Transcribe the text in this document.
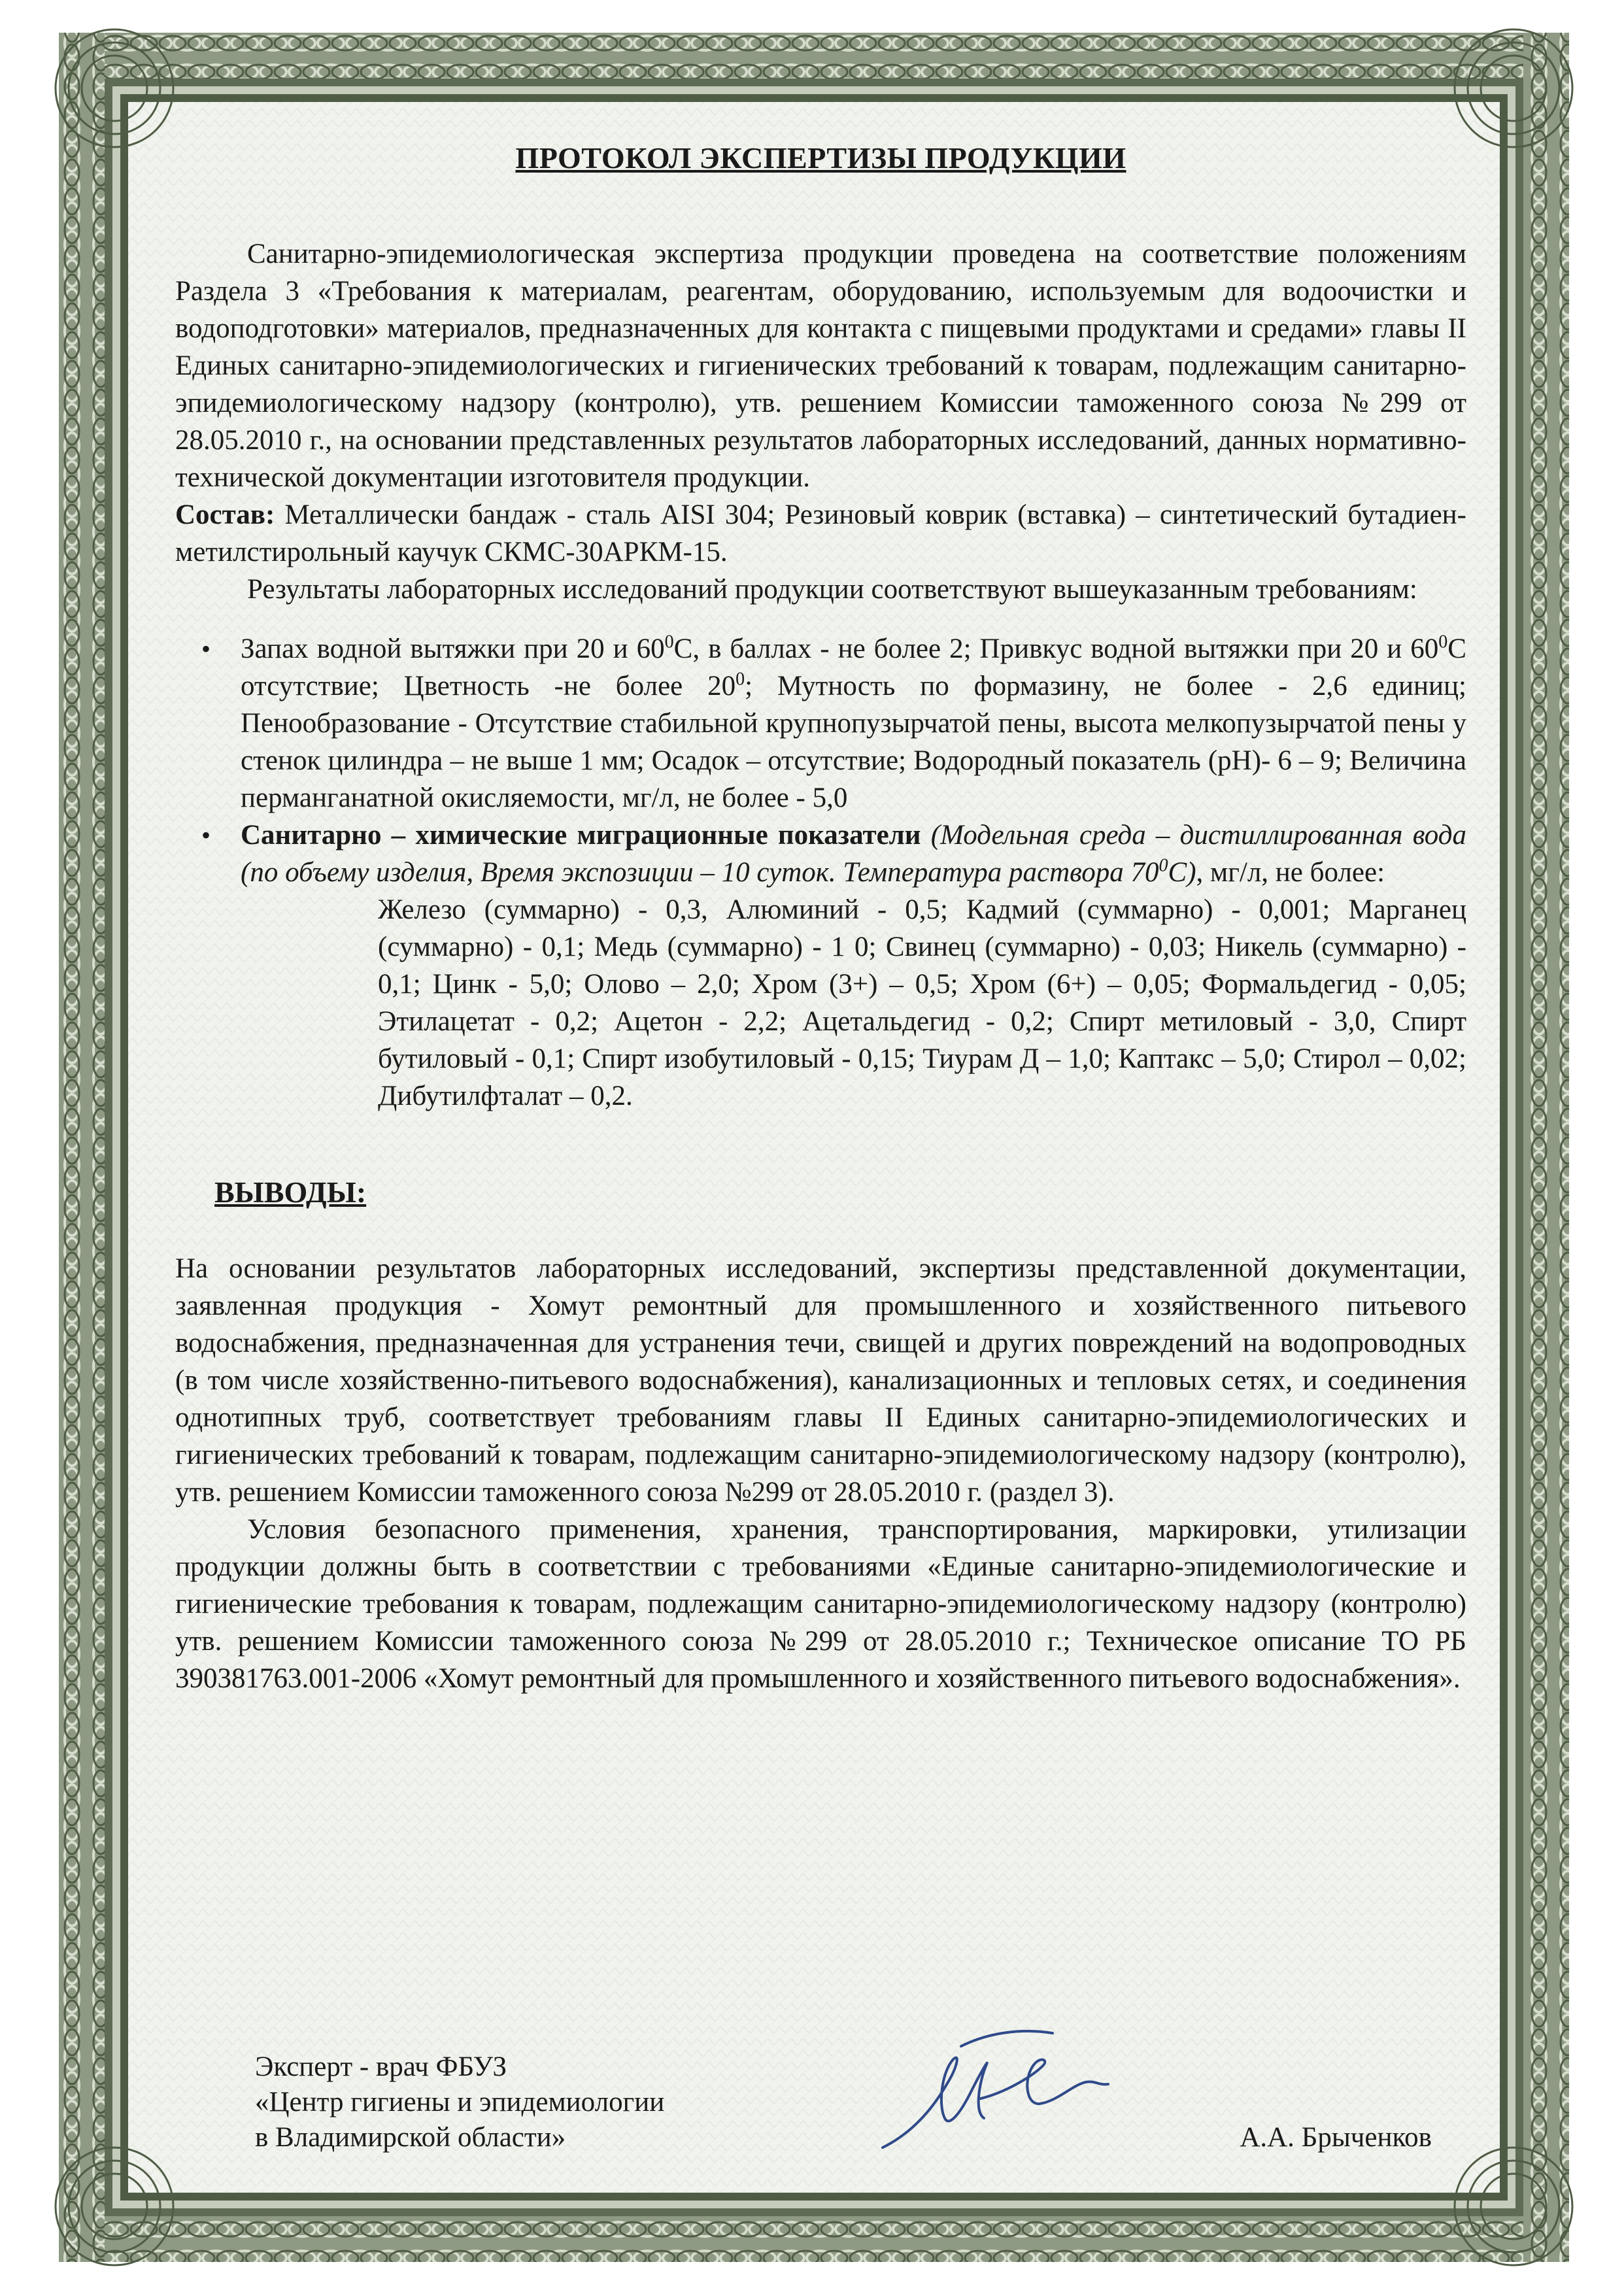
ПРОТОКОЛ ЭКСПЕРТИЗЫ ПРОДУКЦИИ

Санитарно-эпидемиологическая экспертиза продукции проведена на соответствие положениям Раздела 3 «Требования к материалам, реагентам, оборудованию, используемым для водоочистки и водоподготовки» материалов, предназначенных для контакта с пищевыми продуктами и средами» главы II Единых санитарно-эпидемиологических и гигиенических требований к товарам, подлежащим санитарно-эпидемиологическому надзору (контролю), утв. решением Комиссии таможенного союза №299 от 28.05.2010 г., на основании представленных результатов лабораторных исследований, данных нормативно-технической документации изготовителя продукции.

Состав: Металлически бандаж - сталь AISI 304; Резиновый коврик (вставка) – синтетический бутадиен-метилстирольный каучук СКМС-30АРКМ-15.

Результаты лабораторных исследований продукции соответствуют вышеуказанным требованиям:

• Запах водной вытяжки при 20 и $60^0С$, в баллах - не более 2; Привкус водной вытяжки при 20 и $60^0С$ отсутствие; Цветность -не более $20^0$; Мутность по формазину, не более - 2,6 единиц; Пенообразование - Отсутствие стабильной крупнопузырчатой пены, высота мелкопузырчатой пены у стенок цилиндра – не выше 1 мм; Осадок – отсутствие; Водородный показатель (рН)- 6 – 9; Величина перманганатной окисляемости, мг/л, не более - 5,0
• Санитарно – химические миграционные показатели (Модельная среда – дистиллированная вода (по объему изделия, Время экспозиции – 10 суток. Температура раствора $70^0С$), мг/л, не более:

Железо (суммарно) - 0,3, Алюминий - 0,5; Кадмий (суммарно) - 0,001; Марганец (суммарно) - 0,1; Медь (суммарно) - 1 0; Свинец (суммарно) - 0,03; Никель (суммарно) - 0,1; Цинк - 5,0; Олово – 2,0; Хром (3+) – 0,5; Хром (6+) – 0,05; Формальдегид - 0,05; Этилацетат - 0,2; Ацетон - 2,2; Ацетальдегид - 0,2; Спирт метиловый - 3,0, Спирт бутиловый - 0,1; Спирт изобутиловый - 0,15; Тиурам Д – 1,0; Каптакс – 5,0; Стирол – 0,02; Дибутилфталат – 0,2.

ВЫВОДЫ:

На основании результатов лабораторных исследований, экспертизы представленной документации, заявленная продукция - Хомут ремонтный для промышленного и хозяйственного питьевого водоснабжения, предназначенная для устранения течи, свищей и других повреждений на водопроводных (в том числе хозяйственно-питьевого водоснабжения), канализационных и тепловых сетях, и соединения однотипных труб, соответствует требованиям главы II Единых санитарно-эпидемиологических и гигиенических требований к товарам, подлежащим санитарно-эпидемиологическому надзору (контролю), утв. решением Комиссии таможенного союза №299 от 28.05.2010 г. (раздел 3).

Условия безопасного применения, хранения, транспортирования, маркировки, утилизации продукции должны быть в соответствии с требованиями «Единые санитарно-эпидемиологические и гигиенические требования к товарам, подлежащим санитарно-эпидемиологическому надзору (контролю) утв. решением Комиссии таможенного союза №299 от 28.05.2010 г.; Техническое описание ТО РБ 390381763.001-2006 «Хомут ремонтный для промышленного и хозяйственного питьевого водоснабжения».

Эксперт - врач ФБУЗ
«Центр гигиены и эпидемиологии
в Владимирской области»	А.А. Брыченков
